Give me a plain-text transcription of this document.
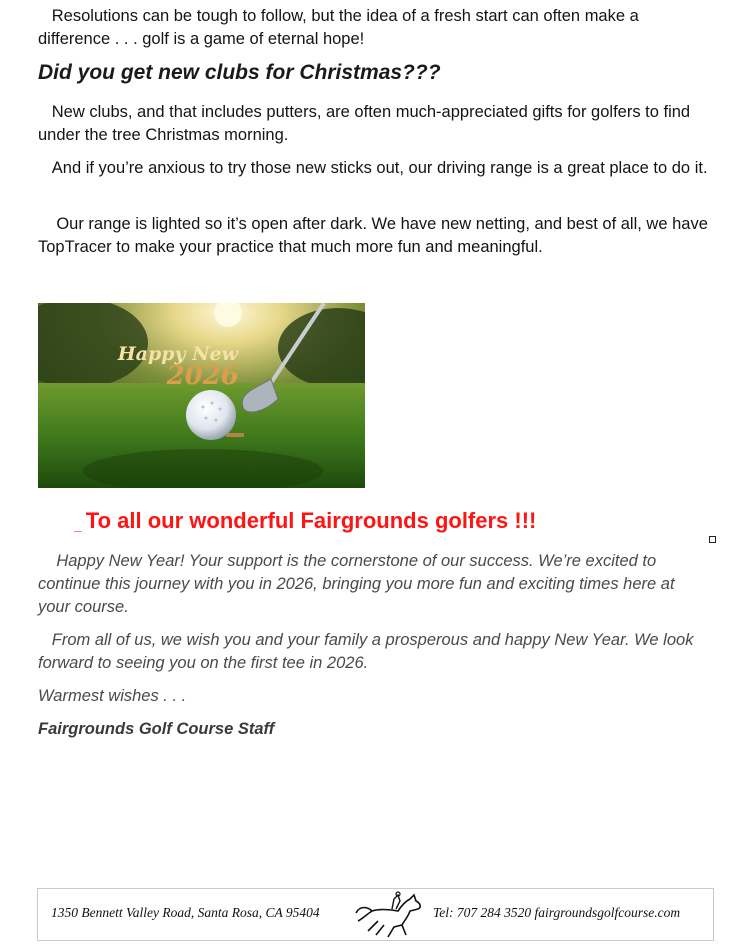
Resolutions can be tough to follow, but the idea of a fresh start can often make a difference . . . golf is a game of eternal hope!

Did you get new clubs for Christmas???

New clubs, and that includes putters, are often much-appreciated gifts for golfers to find under the tree Christmas morning.

And if you’re anxious to try those new sticks out, our driving range is a great place to do it.

Our range is lighted so it’s open after dark. We have new netting, and best of all, we have TopTracer to make your practice that much more fun and meaningful.

Happy New
2026
_ To all our wonderful Fairgrounds golfers !!!

Happy New Year! Your support is the cornerstone of our success. We’re excited to continue this journey with you in 2026, bringing you more fun and exciting times here at your course.

From all of us, we wish you and your family a prosperous and happy New Year. We look forward to seeing you on the first tee in 2026.

Warmest wishes . . .

Fairgrounds Golf Course Staff

1350 Bennett Valley Road, Santa Rosa, CA 95404	Tel: 707 284 3520 fairgroundsgolfcourse.com
